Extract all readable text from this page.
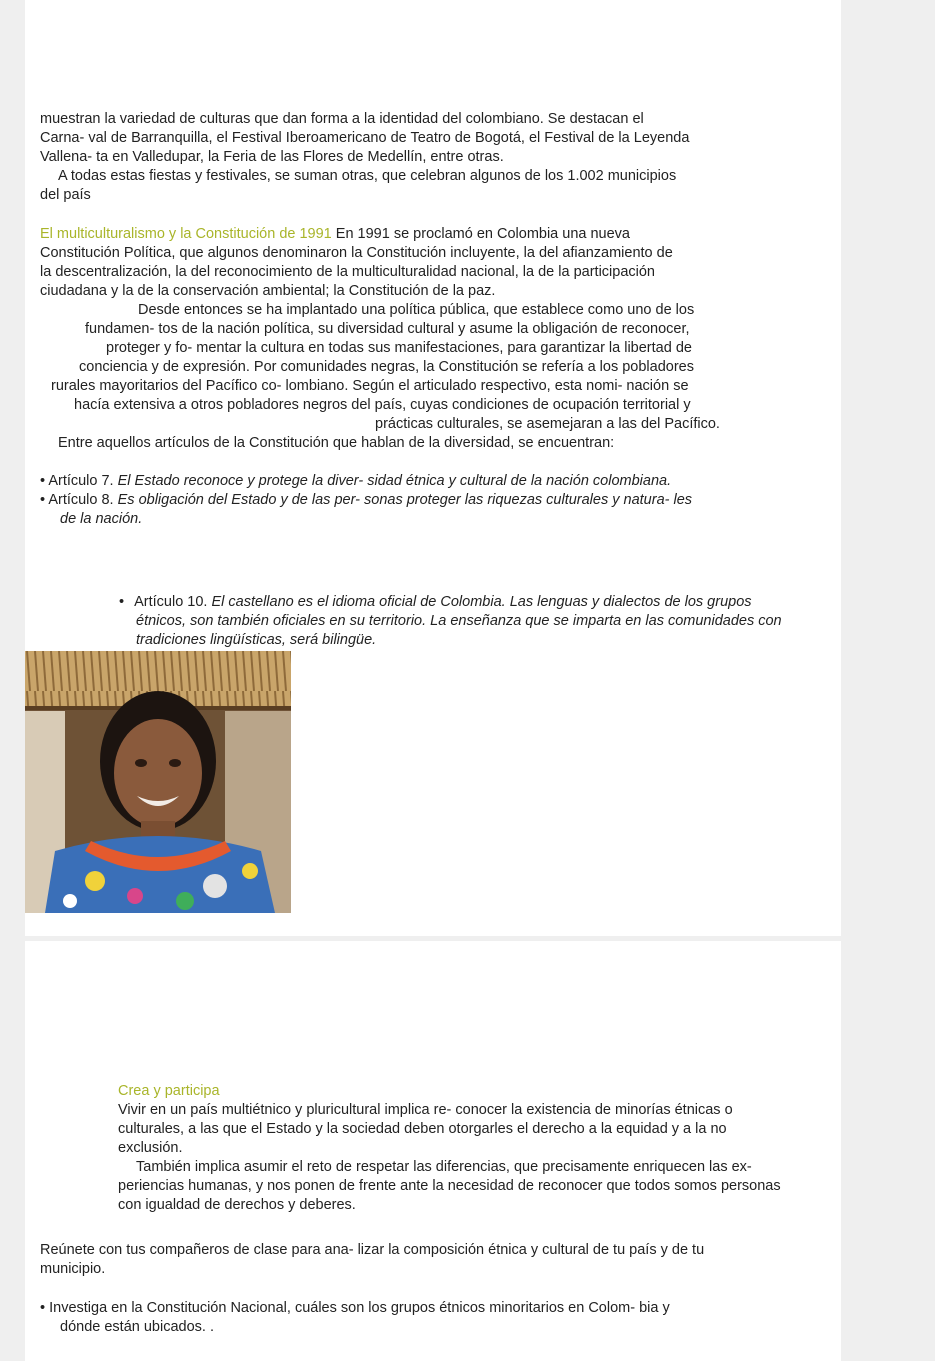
muestran la variedad de culturas que dan forma a la identidad del colombiano. Se destacan el
Carna- val de Barranquilla, el Festival Iberoamericano de Teatro de Bogotá, el Festival de la Leyenda
Vallena- ta en Valledupar, la Feria de las Flores de Medellín, entre otras.
A todas estas fiestas y festivales, se suman otras, que celebran algunos de los 1.002 municipios
del país
El multiculturalismo y la Constitución de 1991 En 1991 se proclamó en Colombia una nueva
Constitución Política, que algunos denominaron la Constitución incluyente, la del afianzamiento de
la descentralización, la del reconocimiento de la multiculturalidad nacional, la de la participación
ciudadana y la de la conservación ambiental; la Constitución de la paz.
Desde entonces se ha implantado una política pública, que establece como uno de los
fundamen- tos de la nación política, su diversidad cultural y asume la obligación de reconocer,
proteger y fo- mentar la cultura en todas sus manifestaciones, para garantizar la libertad de
conciencia y de expresión. Por comunidades negras, la Constitución se refería a los pobladores
rurales mayoritarios del Pacífico co- lombiano. Según el articulado respectivo, esta nomi- nación se
hacía extensiva a otros pobladores negros del país, cuyas condiciones de ocupación territorial y
prácticas culturales, se asemejaran a las del Pacífico.
Entre aquellos artículos de la Constitución que hablan de la diversidad, se encuentran:
• Artículo 7. El Estado reconoce y protege la diver- sidad étnica y cultural de la nación colombiana.
• Artículo 8. Es obligación del Estado y de las per- sonas proteger las riquezas culturales y natura- les
de la nación.
• Artículo 10. El castellano es el idioma oficial de Colombia. Las lenguas y dialectos de los grupos
étnicos, son también oficiales en su territorio. La enseñanza que se imparta en las comunidades con
tradiciones lingüísticas, será bilingüe.
Crea y participa
Vivir en un país multiétnico y pluricultural implica re- conocer la existencia de minorías étnicas o
culturales, a las que el Estado y la sociedad deben otorgarles el derecho a la equidad y a la no
exclusión.
También implica asumir el reto de respetar las diferencias, que precisamente enriquecen las ex-
periencias humanas, y nos ponen de frente ante la necesidad de reconocer que todos somos personas
con igualdad de derechos y deberes.
Reúnete con tus compañeros de clase para ana- lizar la composición étnica y cultural de tu país y de tu
municipio.
• Investiga en la Constitución Nacional, cuáles son los grupos étnicos minoritarios en Colom- bia y
dónde están ubicados. .
